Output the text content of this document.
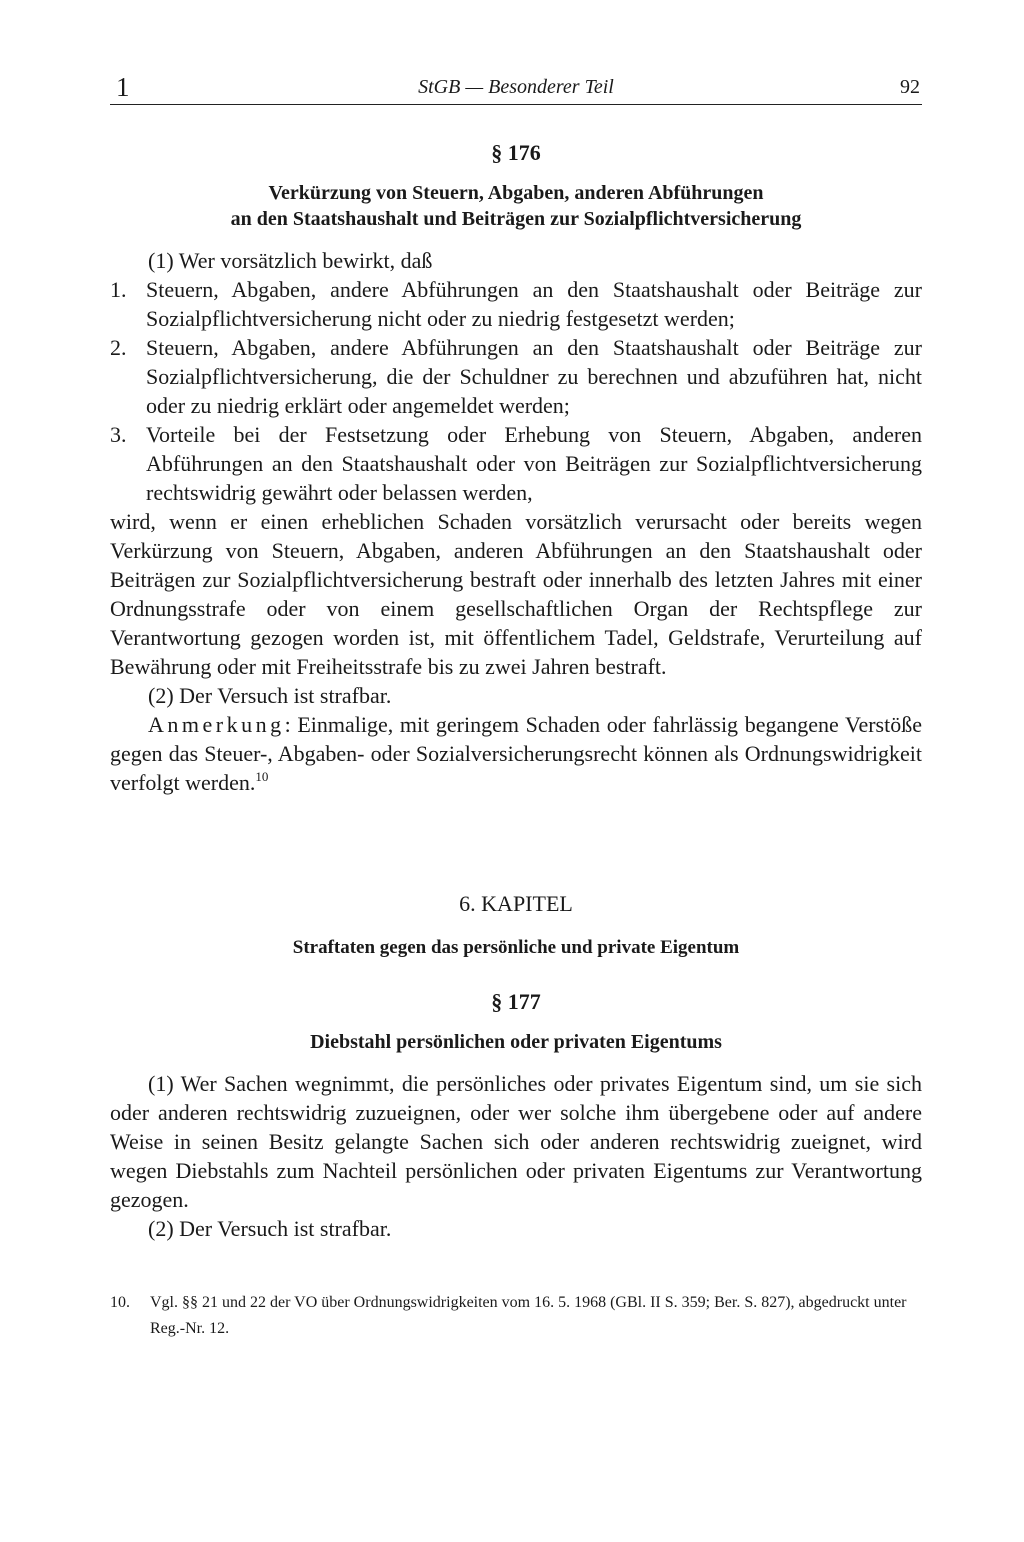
1	StGB — Besonderer Teil	92
§ 176
Verkürzung von Steuern, Abgaben, anderen Abführungen
an den Staatshaushalt und Beiträgen zur Sozialpflichtversicherung

(1) Wer vorsätzlich bewirkt, daß

1. Steuern, Abgaben, andere Abführungen an den Staatshaushalt oder Beiträge zur Sozialpflichtversicherung nicht oder zu niedrig festgesetzt werden;
2. Steuern, Abgaben, andere Abführungen an den Staatshaushalt oder Beiträge zur Sozialpflichtversicherung, die der Schuldner zu berechnen und abzuführen hat, nicht oder zu niedrig erklärt oder angemeldet werden;
3. Vorteile bei der Festsetzung oder Erhebung von Steuern, Abgaben, anderen Abführungen an den Staatshaushalt oder von Beiträgen zur Sozialpflichtversicherung rechtswidrig gewährt oder belassen werden,

wird, wenn er einen erheblichen Schaden vorsätzlich verursacht oder bereits wegen Verkürzung von Steuern, Abgaben, anderen Abführungen an den Staatshaushalt oder Beiträgen zur Sozialpflichtversicherung bestraft oder innerhalb des letzten Jahres mit einer Ordnungsstrafe oder von einem gesellschaftlichen Organ der Rechtspflege zur Verantwortung gezogen worden ist, mit öffentlichem Tadel, Geldstrafe, Verurteilung auf Bewährung oder mit Freiheitsstrafe bis zu zwei Jahren bestraft.

(2) Der Versuch ist strafbar.

Anmerkung: Einmalige, mit geringem Schaden oder fahrlässig begangene Verstöße gegen das Steuer-, Abgaben- oder Sozialversicherungsrecht können als Ordnungswidrigkeit verfolgt werden.$^{10}$

6. KAPITEL
Straftaten gegen das persönliche und private Eigentum
§ 177
Diebstahl persönlichen oder privaten Eigentums

(1) Wer Sachen wegnimmt, die persönliches oder privates Eigentum sind, um sie sich oder anderen rechtswidrig zuzueignen, oder wer solche ihm übergebene oder auf andere Weise in seinen Besitz gelangte Sachen sich oder anderen rechtswidrig zueignet, wird wegen Diebstahls zum Nachteil persönlichen oder privaten Eigentums zur Verantwortung gezogen.

(2) Der Versuch ist strafbar.

10.	Vgl. §§ 21 und 22 der VO über Ordnungswidrigkeiten vom 16. 5. 1968 (GBl. II S. 359; Ber. S. 827), abgedruckt unter Reg.-Nr. 12.
